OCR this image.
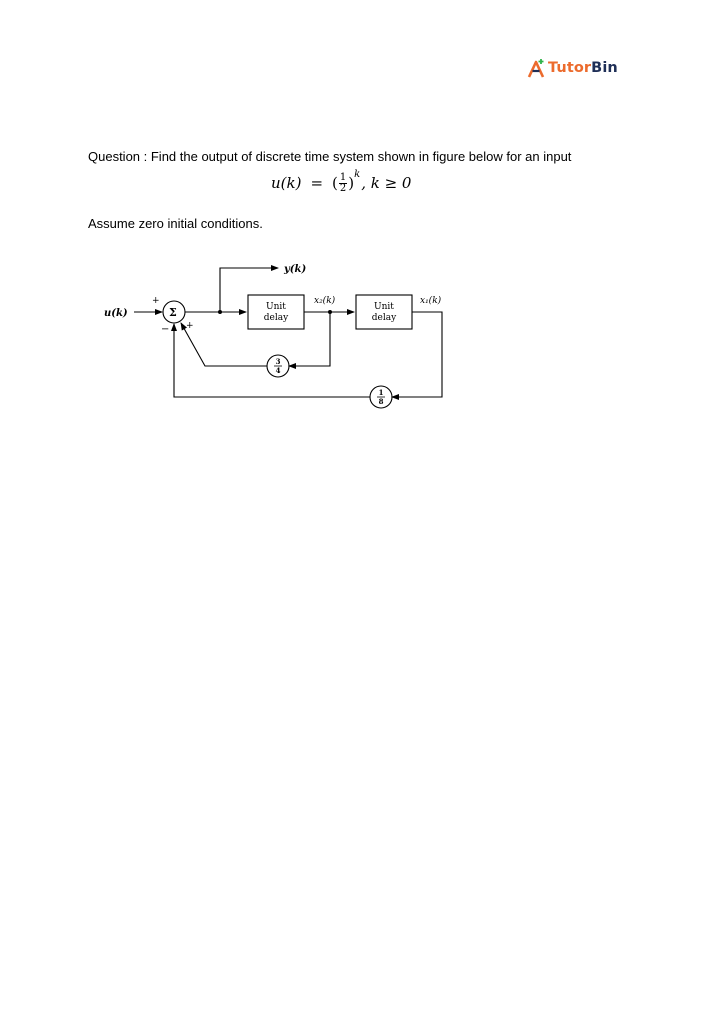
TutorBin
Question : Find the output of discrete time system shown in figure below for an input
u(k) = ( $\frac{1}{2}$ ) k , k ≥ 0
Assume zero initial conditions.
u(k)
y(k)
Σ
+
+
−
Unit
delay
Unit
delay
x₂(k)	x₁(k)
3
4
1
8
